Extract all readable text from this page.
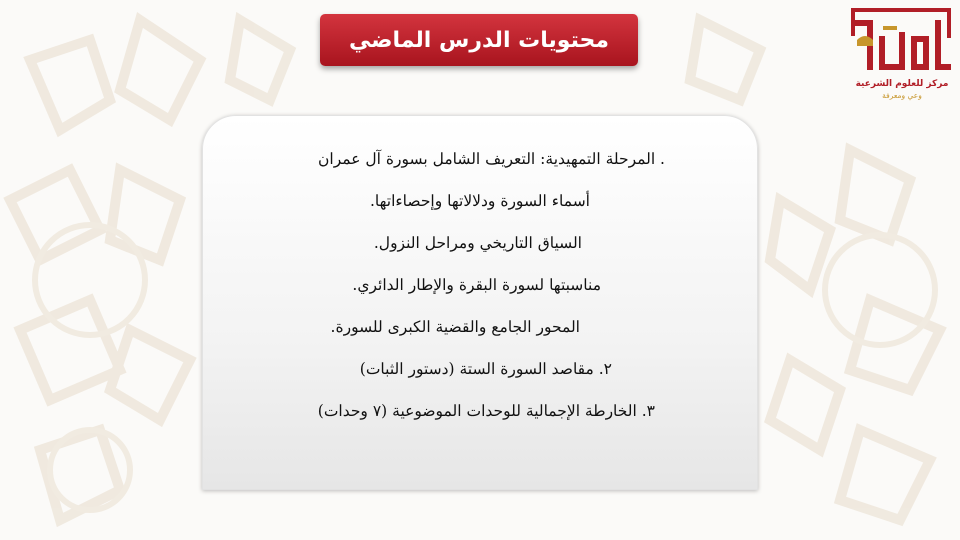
محتويات الدرس الماضي
مركز للعلوم الشرعية
وعي ومعرفة
. المرحلة التمهيدية: التعريف الشامل بسورة آل عمران
أسماء السورة ودلالاتها وإحصاءاتها.
السياق التاريخي ومراحل النزول.
مناسبتها لسورة البقرة والإطار الدائري.
المحور الجامع والقضية الكبرى للسورة.
٢. مقاصد السورة الستة (دستور الثبات)
٣. الخارطة الإجمالية للوحدات الموضوعية (٧ وحدات)
